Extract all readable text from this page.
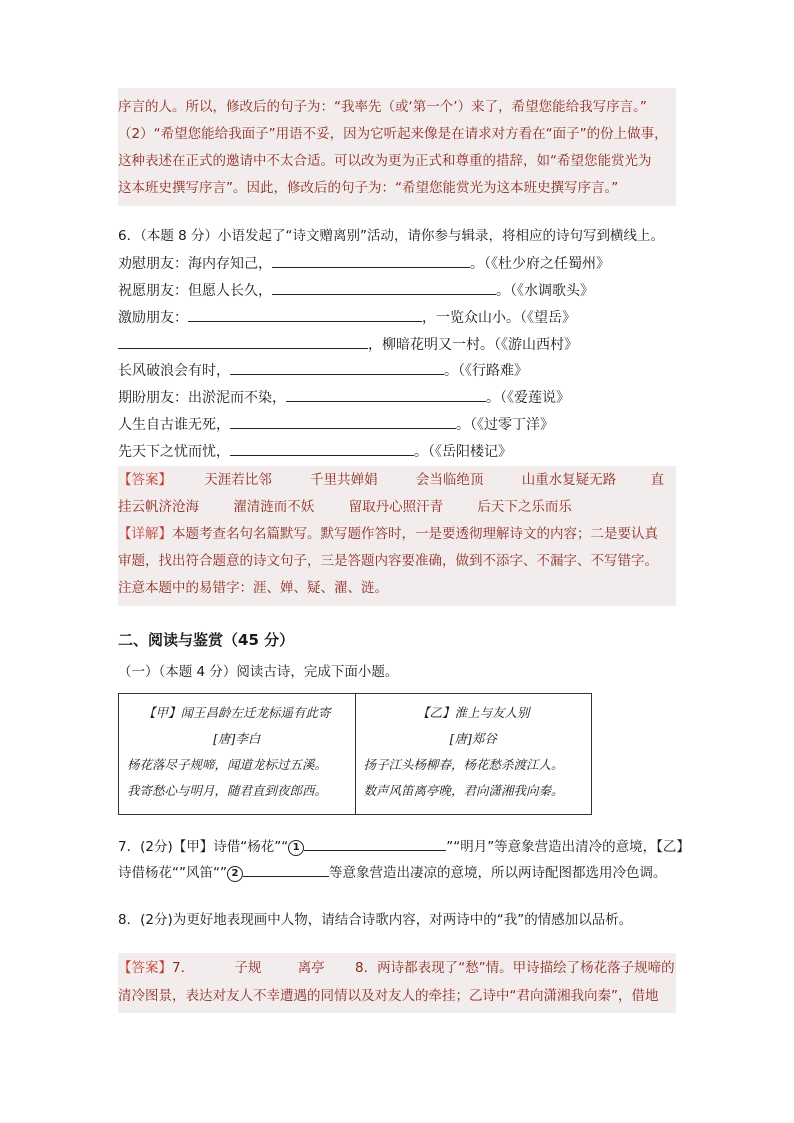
序言的人。所以，修改后的句子为：“我率先（或‘第一个’）来了，希望您能给我写序言。”
（2）“希望您能给我面子”用语不妥，因为它听起来像是在请求对方看在“面子”的份上做事，
这种表述在正式的邀请中不太合适。可以改为更为正式和尊重的措辞，如“希望您能赏光为
这本班史撰写序言”。因此，修改后的句子为：“希望您能赏光为这本班史撰写序言。”
6．（本题 8 分）小语发起了“诗文赠离别”活动，请你参与辑录，将相应的诗句写到横线上。
劝慰朋友：海内存知己，	。（《杜少府之任蜀州》
祝愿朋友：但愿人长久，	。（《水调歌头》
激励朋友：	，一览众山小。（《望岳》
，柳暗花明又一村。（《游山西村》
长风破浪会有时，	。（《行路难》
期盼朋友：出淤泥而不染，	。（《爱莲说》
人生自古谁无死，	。（《过零丁洋》
先天下之忧而忧，	。（《岳阳楼记》
【答案】 天涯若比邻	千里共婵娟	会当临绝顶	山重水复疑无路	直
挂云帆济沧海	濯清涟而不妖	留取丹心照汗青	后天下之乐而乐
【详解】本题考查名句名篇默写。默写题作答时，一是要透彻理解诗文的内容；二是要认真
审题，找出符合题意的诗文句子，三是答题内容要准确，做到不添字、不漏字、不写错字。
注意本题中的易错字：涯、婵、疑、濯、涟。
二、阅读与鉴赏（45 分）
（一）（本题 4 分）阅读古诗，完成下面小题。
【甲】闻王昌龄左迁龙标遥有此寄
[唐]李白
杨花落尽子规啼，闻道龙标过五溪。
我寄愁心与明月，随君直到夜郎西。

【乙】淮上与友人别
[唐]郑谷
扬子江头杨柳春，杨花愁杀渡江人。
数声风笛离亭晚，君向潇湘我向秦。
7．(2分)【甲】诗借“杨花”“ 1	”“明月”等意象营造出清冷的意境，【乙】
诗借杨花“”风笛“” 2	等意象营造出凄凉的意境，所以两诗配图都选用冷色调。
8．(2分)为更好地表现画中人物，请结合诗歌内容，对两诗中的“我”的情感加以品析。
【答案】7．	子规	离亭 8．两诗都表现了“愁”情。甲诗描绘了杨花落子规啼的
清冷图景，表达对友人不幸遭遇的同情以及对友人的牵挂；乙诗中“君向潇湘我向秦”，借地
